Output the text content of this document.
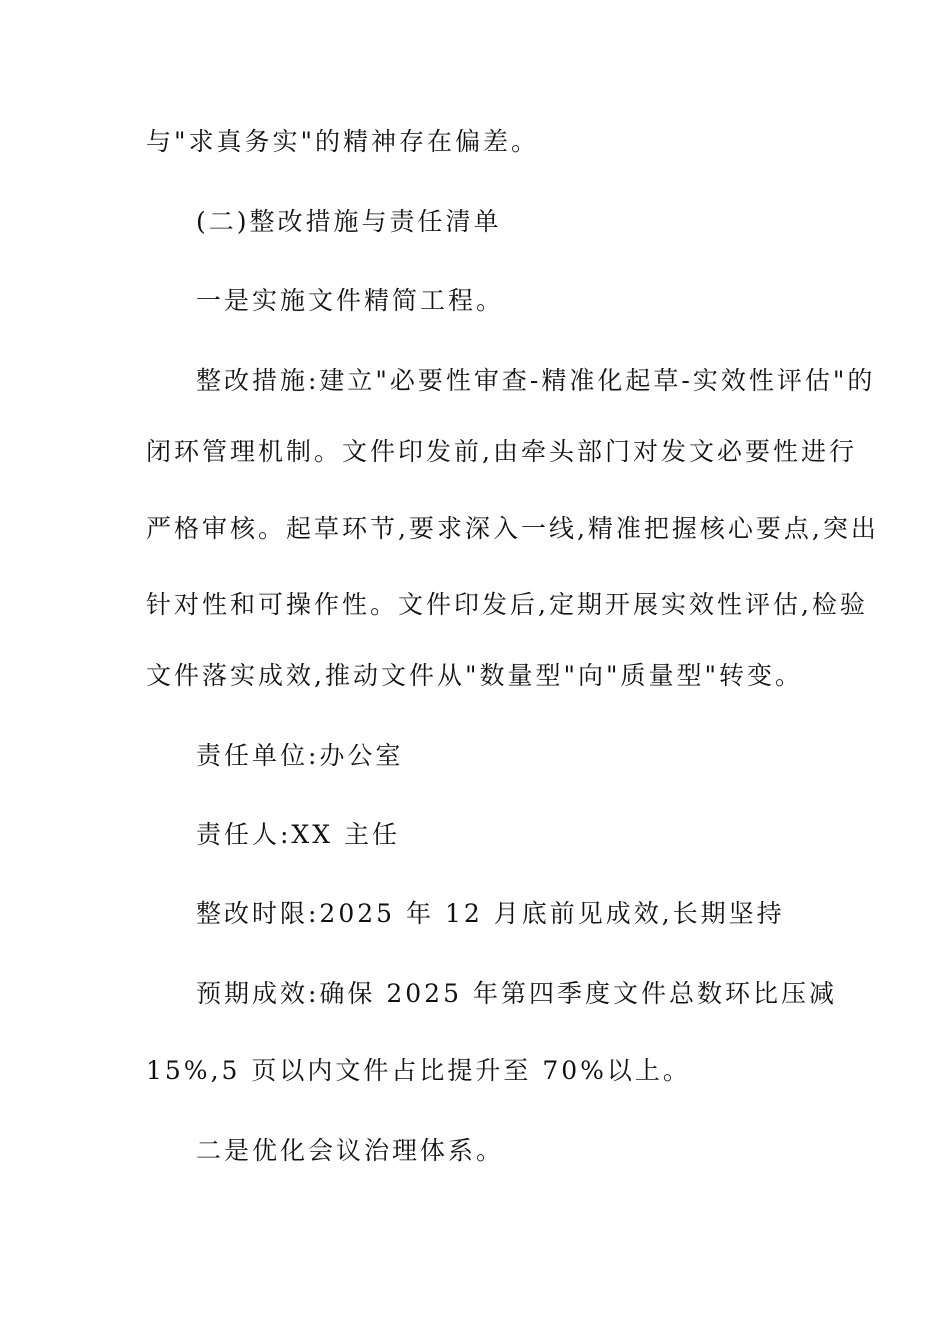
与"求真务实"的精神存在偏差。
(二)整改措施与责任清单
一是实施文件精简工程。
整改措施:建立"必要性审查-精准化起草-实效性评估"的
闭环管理机制。文件印发前,由牵头部门对发文必要性进行
严格审核。起草环节,要求深入一线,精准把握核心要点,突出
针对性和可操作性。文件印发后,定期开展实效性评估,检验
文件落实成效,推动文件从"数量型"向"质量型"转变。
责任单位:办公室
责任人:XX 主任
整改时限:2025 年 12 月底前见成效,长期坚持
预期成效:确保 2025 年第四季度文件总数环比压减
15%,5 页以内文件占比提升至 70%以上。
二是优化会议治理体系。
